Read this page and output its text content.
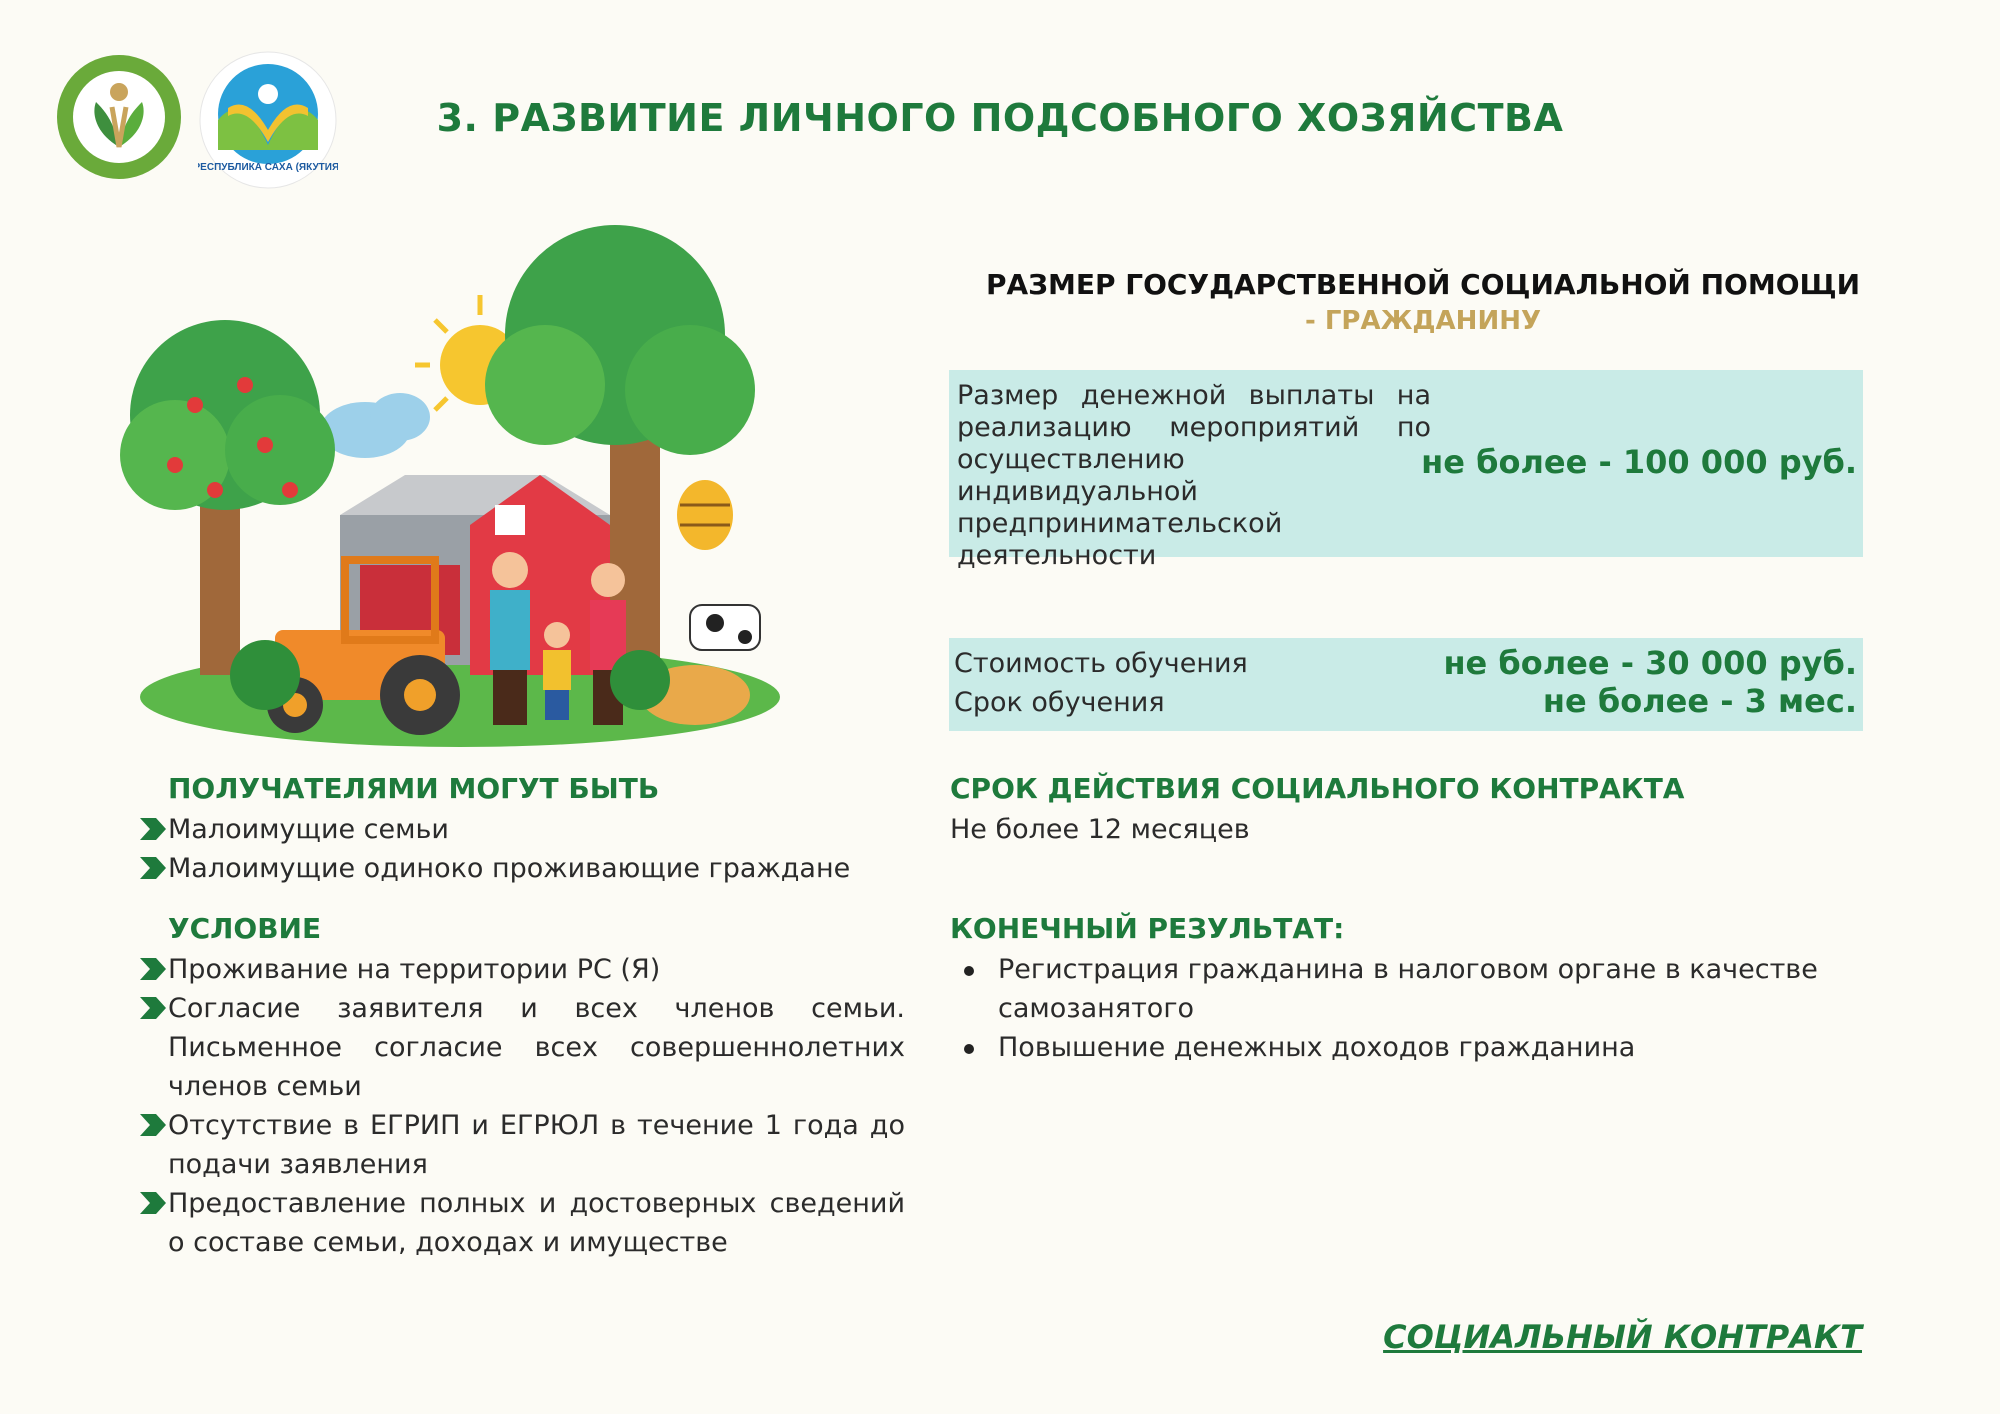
РЕСПУБЛИКА САХА (ЯКУТИЯ)
3. РАЗВИТИЕ ЛИЧНОГО ПОДСОБНОГО ХОЗЯЙСТВА
РАЗМЕР ГОСУДАРСТВЕННОЙ СОЦИАЛЬНОЙ ПОМОЩИ
- ГРАЖДАНИНУ
Размер денежной выплаты на реализацию мероприятий по осуществлению индивидуальной предпринимательской деятельности
не более - 100 000 руб.
Стоимость обучения	не более - 30 000 руб.
Срок обучения	не более - 3 мес.
ПОЛУЧАТЕЛЯМИ МОГУТ БЫТЬ
Малоимущие семьи
Малоимущие одиноко проживающие граждане
УСЛОВИЕ
Проживание на территории РС (Я)
Согласие заявителя и всех членов семьи. Письменное согласие всех совершеннолетних членов семьи
Отсутствие в ЕГРИП и ЕГРЮЛ в течение 1 года до подачи заявления
Предоставление полных и достоверных сведений о составе семьи, доходах и имуществе
СРОК ДЕЙСТВИЯ СОЦИАЛЬНОГО КОНТРАКТА
Не более 12 месяцев
КОНЕЧНЫЙ РЕЗУЛЬТАТ:
Регистрация гражданина в налоговом органе в качестве самозанятого
Повышение денежных доходов гражданина
СОЦИАЛЬНЫЙ КОНТРАКТ
